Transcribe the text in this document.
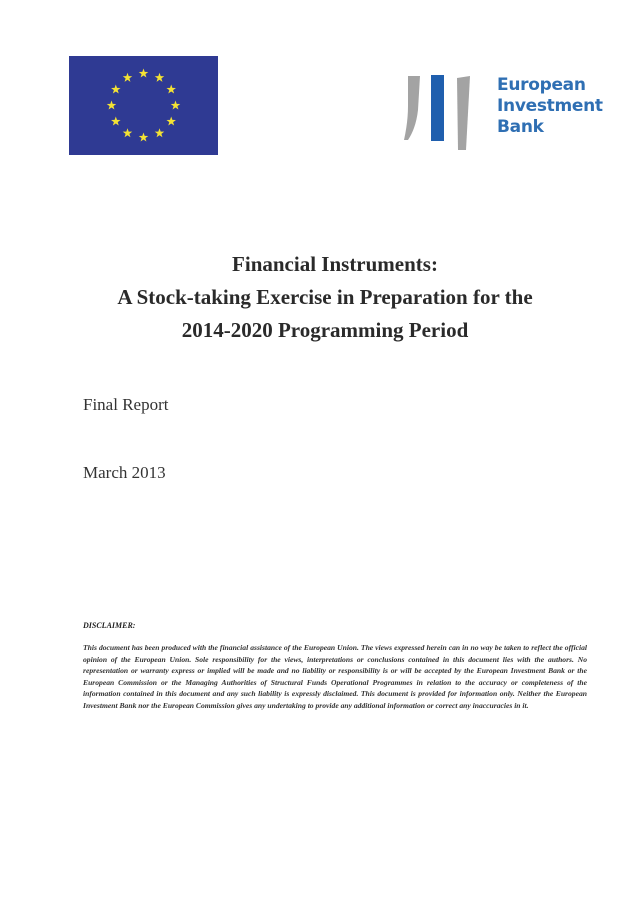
European
Investment
Bank
Financial Instruments:
A Stock-taking Exercise in Preparation for the
2014-2020 Programming Period
Final Report
March 2013
DISCLAIMER:
This document has been produced with the financial assistance of the European Union. The views expressed herein can in no way be taken to reflect the official opinion of the European Union. Sole responsibility for the views, interpretations or conclusions contained in this document lies with the authors. No representation or warranty express or implied will be made and no liability or responsibility is or will be accepted by the European Investment Bank or the European Commission or the Managing Authorities of Structural Funds Operational Programmes in relation to the accuracy or completeness of the information contained in this document and any such liability is expressly disclaimed. This document is provided for information only. Neither the European Investment Bank nor the European Commission gives any undertaking to provide any additional information or correct any inaccuracies in it.
